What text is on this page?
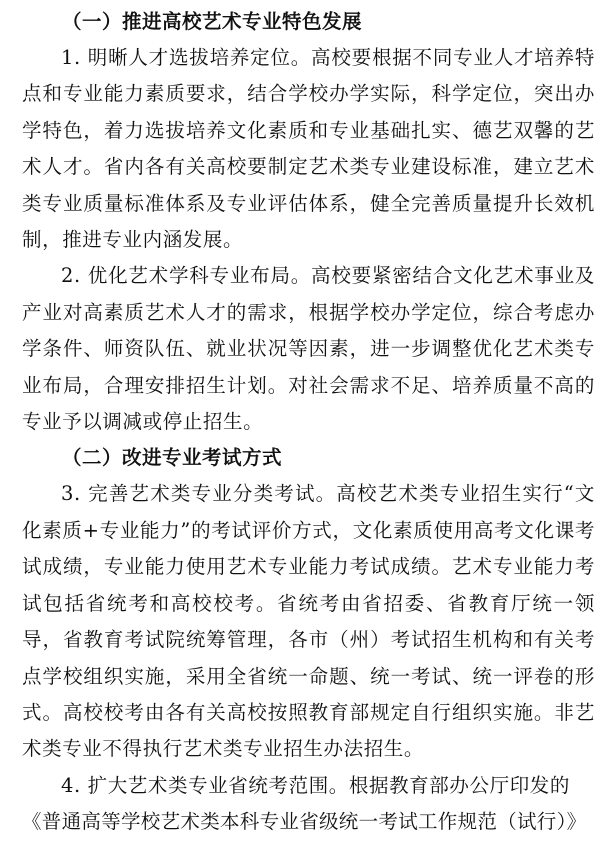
（一）推进高校艺术专业特色发展

1. 明晰人才选拔培养定位。高校要根据不同专业人才培养特点和专业能力素质要求，结合学校办学实际，科学定位，突出办学特色，着力选拔培养文化素质和专业基础扎实、德艺双馨的艺术人才。省内各有关高校要制定艺术类专业建设标准，建立艺术类专业质量标准体系及专业评估体系，健全完善质量提升长效机制，推进专业内涵发展。

2. 优化艺术学科专业布局。高校要紧密结合文化艺术事业及产业对高素质艺术人才的需求，根据学校办学定位，综合考虑办学条件、师资队伍、就业状况等因素，进一步调整优化艺术类专业布局，合理安排招生计划。对社会需求不足、培养质量不高的专业予以调减或停止招生。

（二）改进专业考试方式

3. 完善艺术类专业分类考试。高校艺术类专业招生实行“文化素质+专业能力”的考试评价方式，文化素质使用高考文化课考试成绩，专业能力使用艺术专业能力考试成绩。艺术专业能力考试包括省统考和高校校考。省统考由省招委、省教育厅统一领导，省教育考试院统筹管理，各市（州）考试招生机构和有关考点学校组织实施，采用全省统一命题、统一考试、统一评卷的形式。高校校考由各有关高校按照教育部规定自行组织实施。非艺术类专业不得执行艺术类专业招生办法招生。

4. 扩大艺术类专业省统考范围。根据教育部办公厅印发的

《普通高等学校艺术类本科专业省级统一考试工作规范（试行）》
